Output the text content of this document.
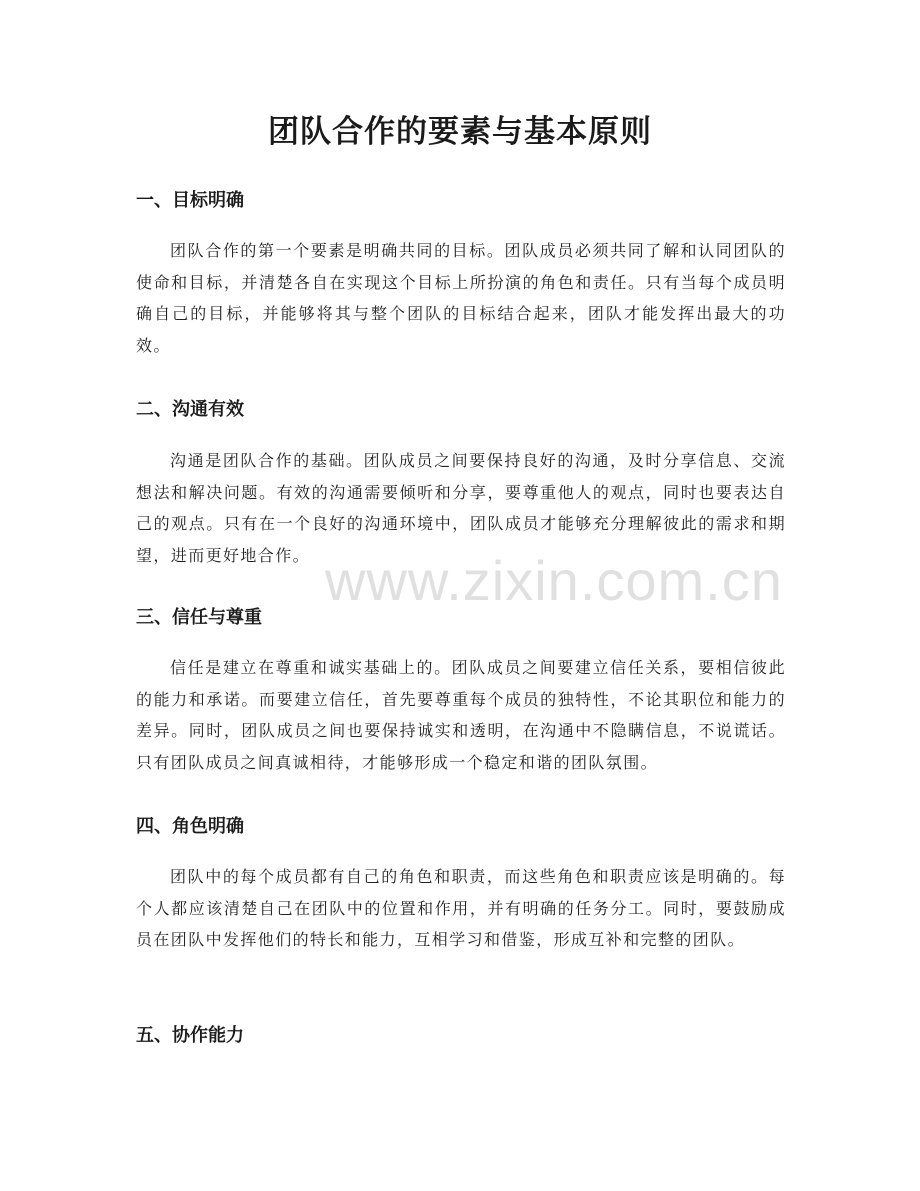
团队合作的要素与基本原则
一、目标明确

团队合作的第一个要素是明确共同的目标。团队成员必须共同了解和认同团队的使命和目标，并清楚各自在实现这个目标上所扮演的角色和责任。只有当每个成员明确自己的目标，并能够将其与整个团队的目标结合起来，团队才能发挥出最大的功效。

二、沟通有效

沟通是团队合作的基础。团队成员之间要保持良好的沟通，及时分享信息、交流想法和解决问题。有效的沟通需要倾听和分享，要尊重他人的观点，同时也要表达自己的观点。只有在一个良好的沟通环境中，团队成员才能够充分理解彼此的需求和期望，进而更好地合作。

三、信任与尊重

信任是建立在尊重和诚实基础上的。团队成员之间要建立信任关系，要相信彼此的能力和承诺。而要建立信任，首先要尊重每个成员的独特性，不论其职位和能力的差异。同时，团队成员之间也要保持诚实和透明，在沟通中不隐瞒信息，不说谎话。只有团队成员之间真诚相待，才能够形成一个稳定和谐的团队氛围。

四、角色明确

团队中的每个成员都有自己的角色和职责，而这些角色和职责应该是明确的。每个人都应该清楚自己在团队中的位置和作用，并有明确的任务分工。同时，要鼓励成员在团队中发挥他们的特长和能力，互相学习和借鉴，形成互补和完整的团队。

五、协作能力

www.zixin.com.cn
